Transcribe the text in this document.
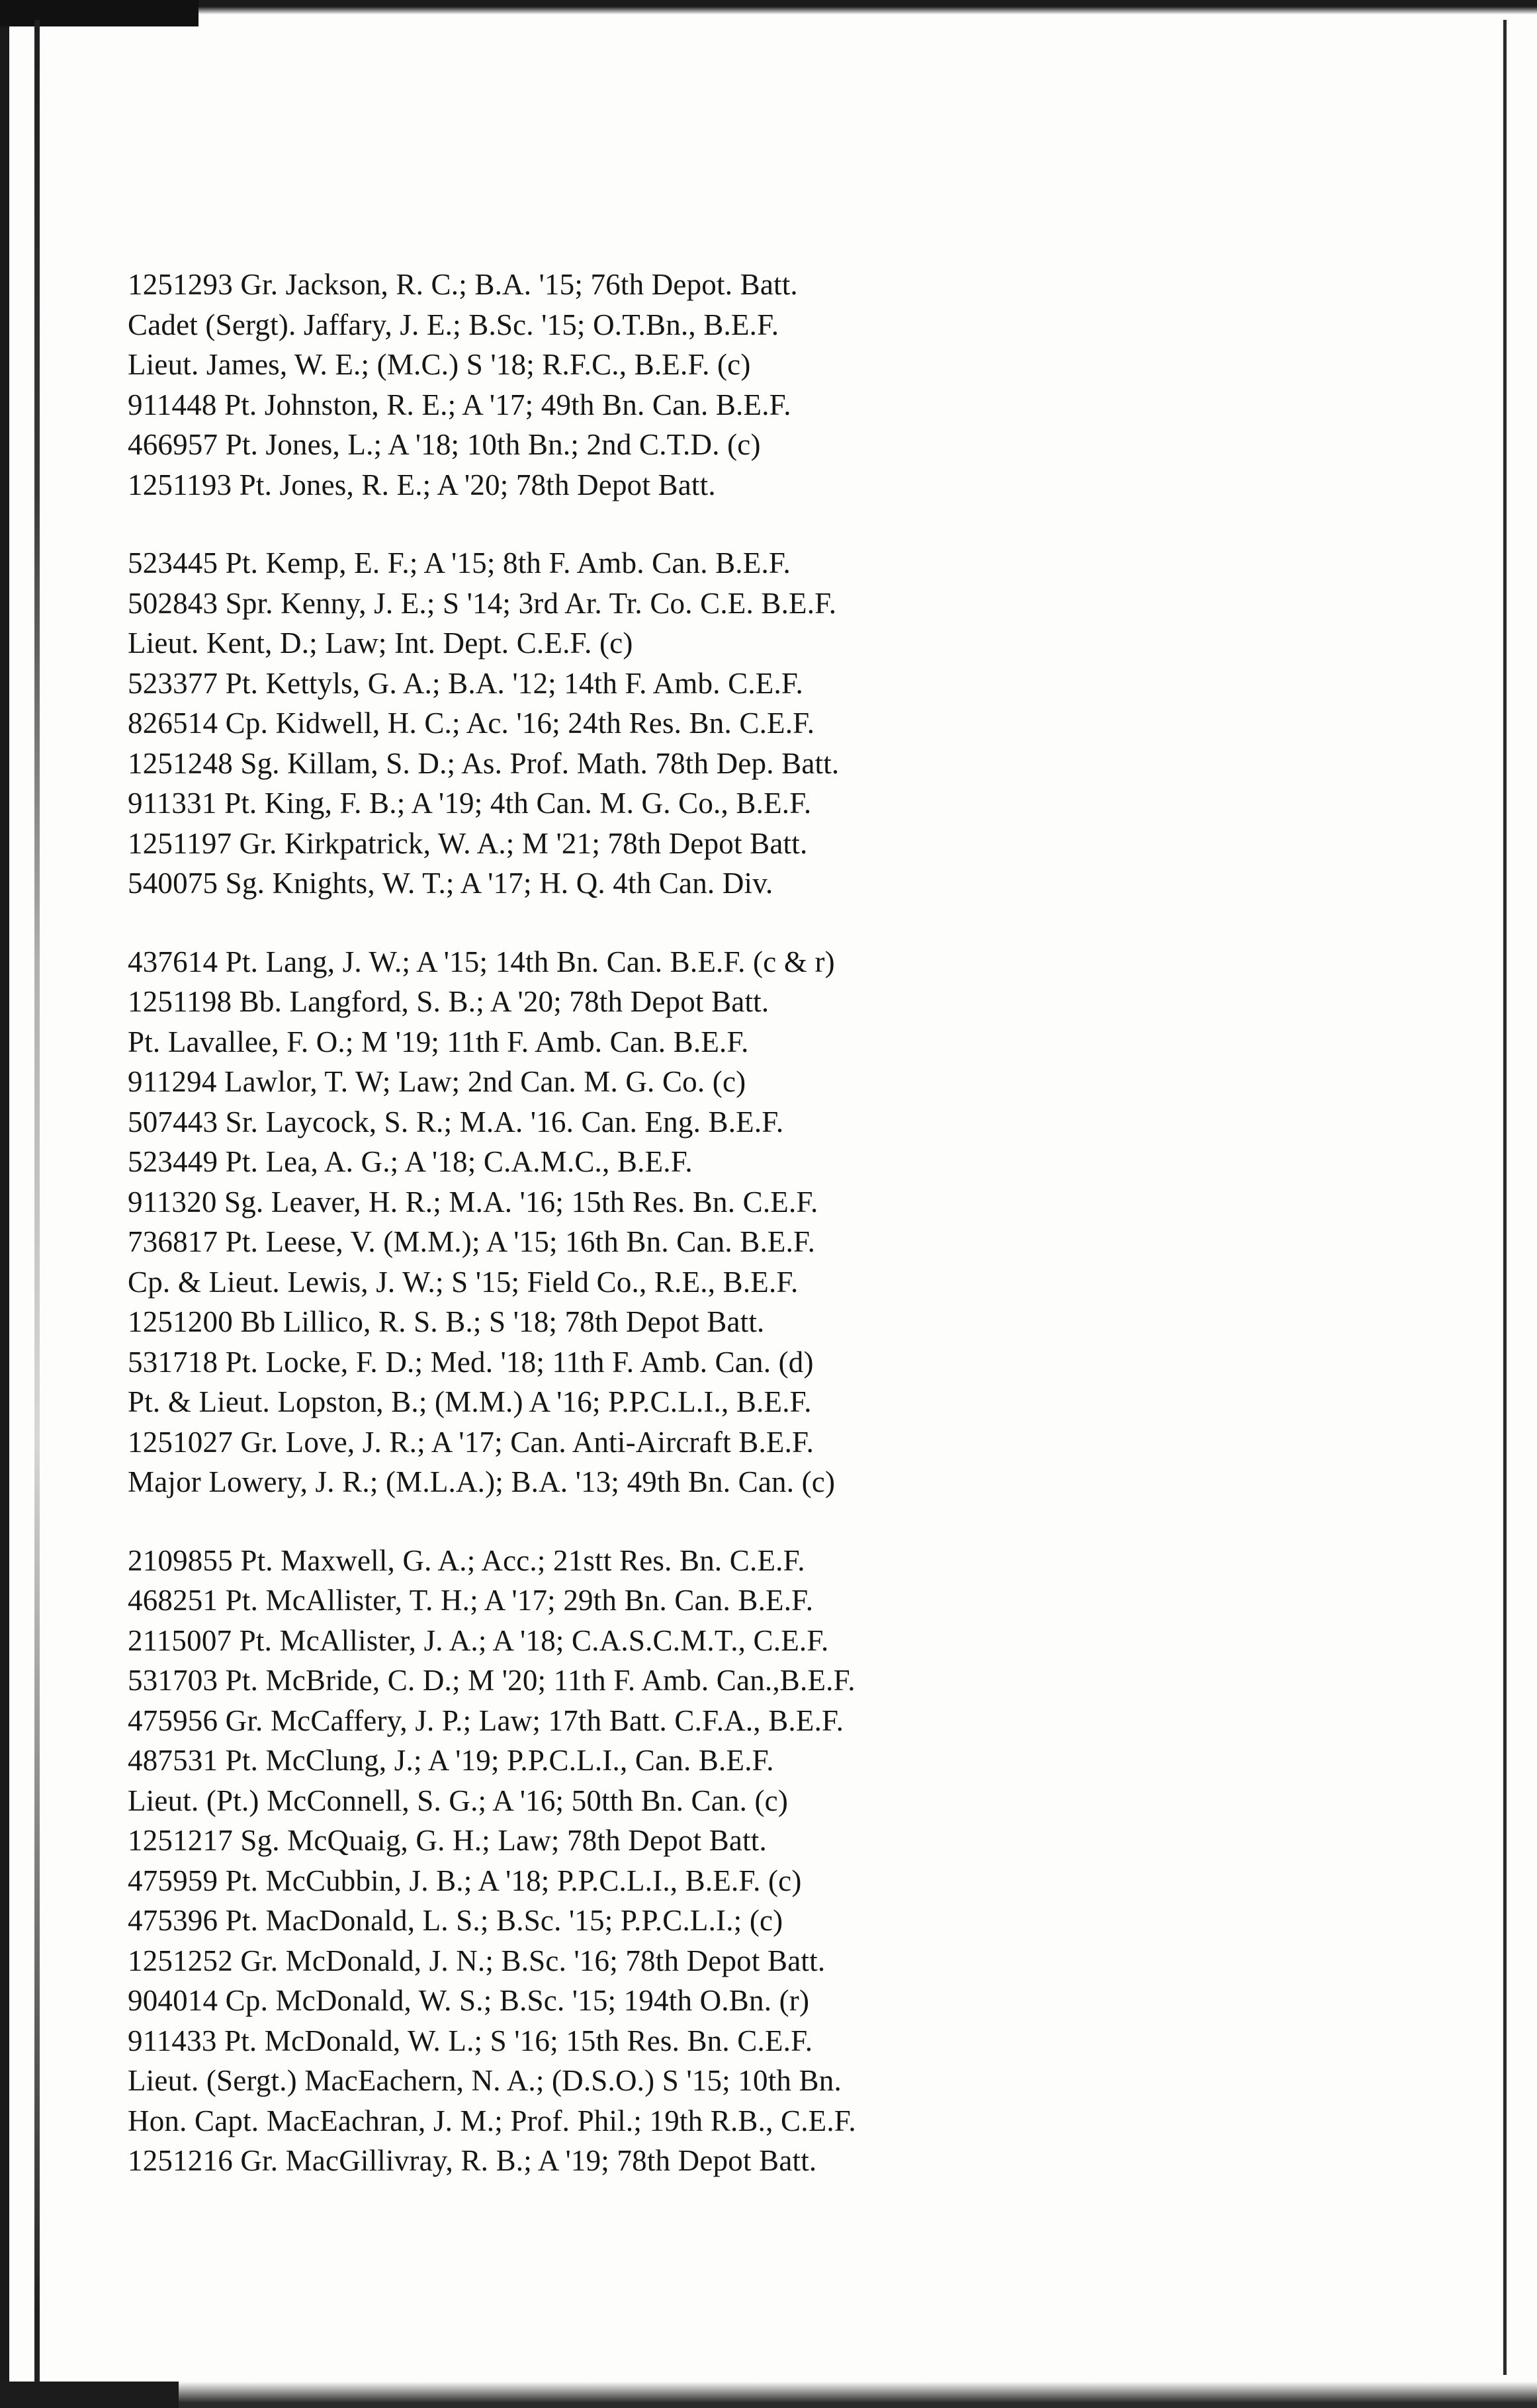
1251293 Gr. Jackson, R. C.; B.A. '15; 76th Depot. Batt.
Cadet (Sergt). Jaffary, J. E.; B.Sc. '15; O.T.Bn., B.E.F.
Lieut. James, W. E.; (M.C.) S '18; R.F.C., B.E.F. (c)
911448 Pt. Johnston, R. E.; A '17; 49th Bn. Can. B.E.F.
466957 Pt. Jones, L.; A '18; 10th Bn.; 2nd C.T.D. (c)
1251193 Pt. Jones, R. E.; A '20; 78th Depot Batt.
523445 Pt. Kemp, E. F.; A '15; 8th F. Amb. Can. B.E.F.
502843 Spr. Kenny, J. E.; S '14; 3rd Ar. Tr. Co. C.E. B.E.F.
Lieut. Kent, D.; Law; Int. Dept. C.E.F. (c)
523377 Pt. Kettyls, G. A.; B.A. '12; 14th F. Amb. C.E.F.
826514 Cp. Kidwell, H. C.; Ac. '16; 24th Res. Bn. C.E.F.
1251248 Sg. Killam, S. D.; As. Prof. Math. 78th Dep. Batt.
911331 Pt. King, F. B.; A '19; 4th Can. M. G. Co., B.E.F.
1251197 Gr. Kirkpatrick, W. A.; M '21; 78th Depot Batt.
540075 Sg. Knights, W. T.; A '17; H. Q. 4th Can. Div.
437614 Pt. Lang, J. W.; A '15; 14th Bn. Can. B.E.F. (c & r)
1251198 Bb. Langford, S. B.; A '20; 78th Depot Batt.
Pt. Lavallee, F. O.; M '19; 11th F. Amb. Can. B.E.F.
911294 Lawlor, T. W; Law; 2nd Can. M. G. Co. (c)
507443 Sr. Laycock, S. R.; M.A. '16. Can. Eng. B.E.F.
523449 Pt. Lea, A. G.; A '18; C.A.M.C., B.E.F.
911320 Sg. Leaver, H. R.; M.A. '16; 15th Res. Bn. C.E.F.
736817 Pt. Leese, V. (M.M.); A '15; 16th Bn. Can. B.E.F.
Cp. & Lieut. Lewis, J. W.; S '15; Field Co., R.E., B.E.F.
1251200 Bb Lillico, R. S. B.; S '18; 78th Depot Batt.
531718 Pt. Locke, F. D.; Med. '18; 11th F. Amb. Can. (d)
Pt. & Lieut. Lopston, B.; (M.M.) A '16; P.P.C.L.I., B.E.F.
1251027 Gr. Love, J. R.; A '17; Can. Anti-Aircraft B.E.F.
Major Lowery, J. R.; (M.L.A.); B.A. '13; 49th Bn. Can. (c)
2109855 Pt. Maxwell, G. A.; Acc.; 21stt Res. Bn. C.E.F.
468251 Pt. McAllister, T. H.; A '17; 29th Bn. Can. B.E.F.
2115007 Pt. McAllister, J. A.; A '18; C.A.S.C.M.T., C.E.F.
531703 Pt. McBride, C. D.; M '20; 11th F. Amb. Can.,B.E.F.
475956 Gr. McCaffery, J. P.; Law; 17th Batt. C.F.A., B.E.F.
487531 Pt. McClung, J.; A '19; P.P.C.L.I., Can. B.E.F.
Lieut. (Pt.) McConnell, S. G.; A '16; 50tth Bn. Can. (c)
1251217 Sg. McQuaig, G. H.; Law; 78th Depot Batt.
475959 Pt. McCubbin, J. B.; A '18; P.P.C.L.I., B.E.F. (c)
475396 Pt. MacDonald, L. S.; B.Sc. '15; P.P.C.L.I.; (c)
1251252 Gr. McDonald, J. N.; B.Sc. '16; 78th Depot Batt.
904014 Cp. McDonald, W. S.; B.Sc. '15; 194th O.Bn. (r)
911433 Pt. McDonald, W. L.; S '16; 15th Res. Bn. C.E.F.
Lieut. (Sergt.) MacEachern, N. A.; (D.S.O.) S '15; 10th Bn.
Hon. Capt. MacEachran, J. M.; Prof. Phil.; 19th R.B., C.E.F.
1251216 Gr. MacGillivray, R. B.; A '19; 78th Depot Batt.
